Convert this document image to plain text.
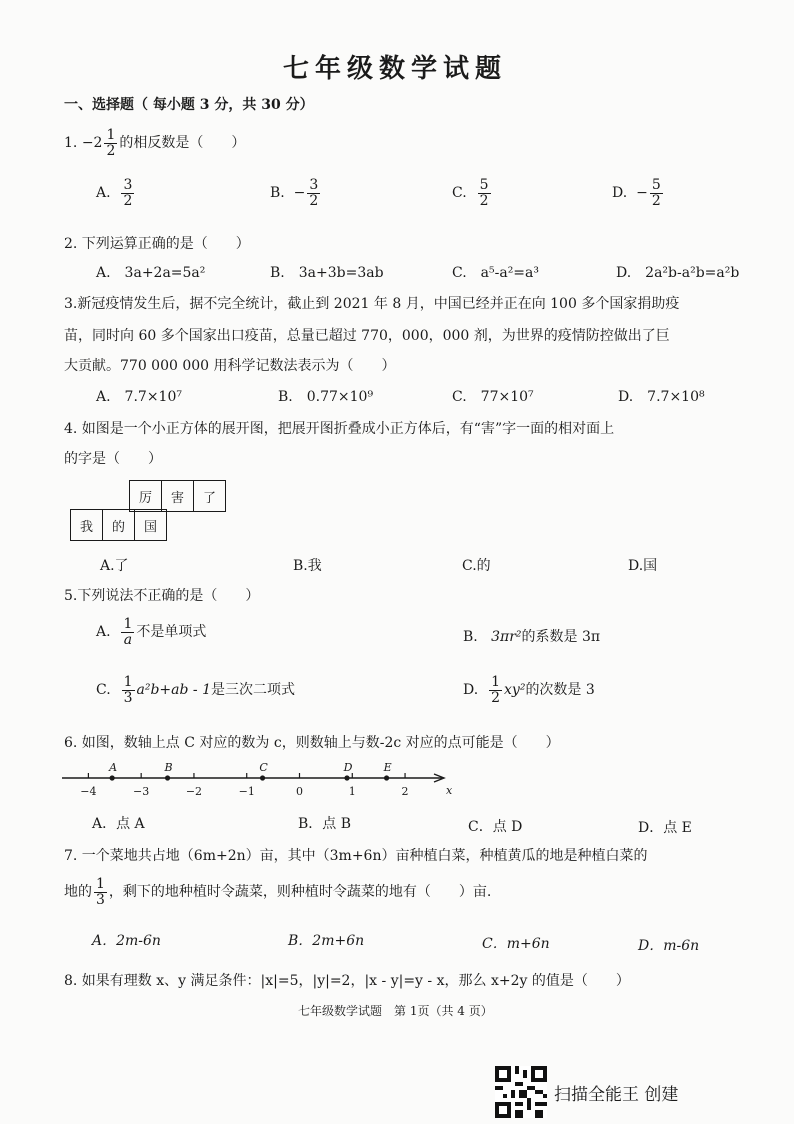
七年级数学试题
一、选择题（ 每小题 3 分，共 30 分）
1. $-2 \frac{1}{2}$ 的相反数是（　　）
A. $\frac{3}{2}$	B.  − $\frac{3}{2}$	C. $\frac{5}{2}$	D.  − $\frac{5}{2}$
2. 下列运算正确的是（　　）
A.　3a+2a=5a²	B.　3a+3b=3ab	C.　a⁵-a²=a³	D.　2a²b-a²b=a²b
3.新冠疫情发生后，据不完全统计，截止到 2021 年 8 月，中国已经并正在向 100 多个国家捐助疫
苗，同时向 60 多个国家出口疫苗，总量已超过 770，000，000 剂，为世界的疫情防控做出了巨
大贡献。770 000 000 用科学记数法表示为（　　）
A.　7.7×10⁷	B.　0.77×10⁹	C.　77×10⁷	D.　7.7×10⁸
4. 如图是一个小正方体的展开图，把展开图折叠成小正方体后，有“害”字一面的相对面上
的字是（　　）
厉	害	了
我	的	国
A.了	B.我	C.的	D.国
5.下列说法不正确的是（　　）
A. $\frac{1}{a}$ 不是单项式	B. 3πr²的系数是 3π
C. $\frac{1}{3} a^2b+ab - 1$是三次二项式	D. $\frac{1}{2} xy^2$的次数是 3
6. 如图，数轴上点 C 对应的数为 c，则数轴上与数-2c 对应的点可能是（　　）
x
−4	−3	−2	−1	0	1	2
A	B	C	D	E
A．点 A	B．点 B	C．点 D	D．点 E
7. 一个菜地共占地（6m+2n）亩，其中（3m+6n）亩种植白菜，种植黄瓜的地是种植白菜的
地的 $\frac{1}{3}$ ，剩下的地种植时令蔬菜，则种植时令蔬菜的地有（　　）亩.
A．2m-6n	B．2m+6n	C．m+6n	D．m-6n
8. 如果有理数 x、y 满足条件：|x|=5，|y|=2，|x - y|=y - x，那么 x+2y 的值是（　　）
七年级数学试题　第 1页（共 4 页）
扫描全能王 创建
